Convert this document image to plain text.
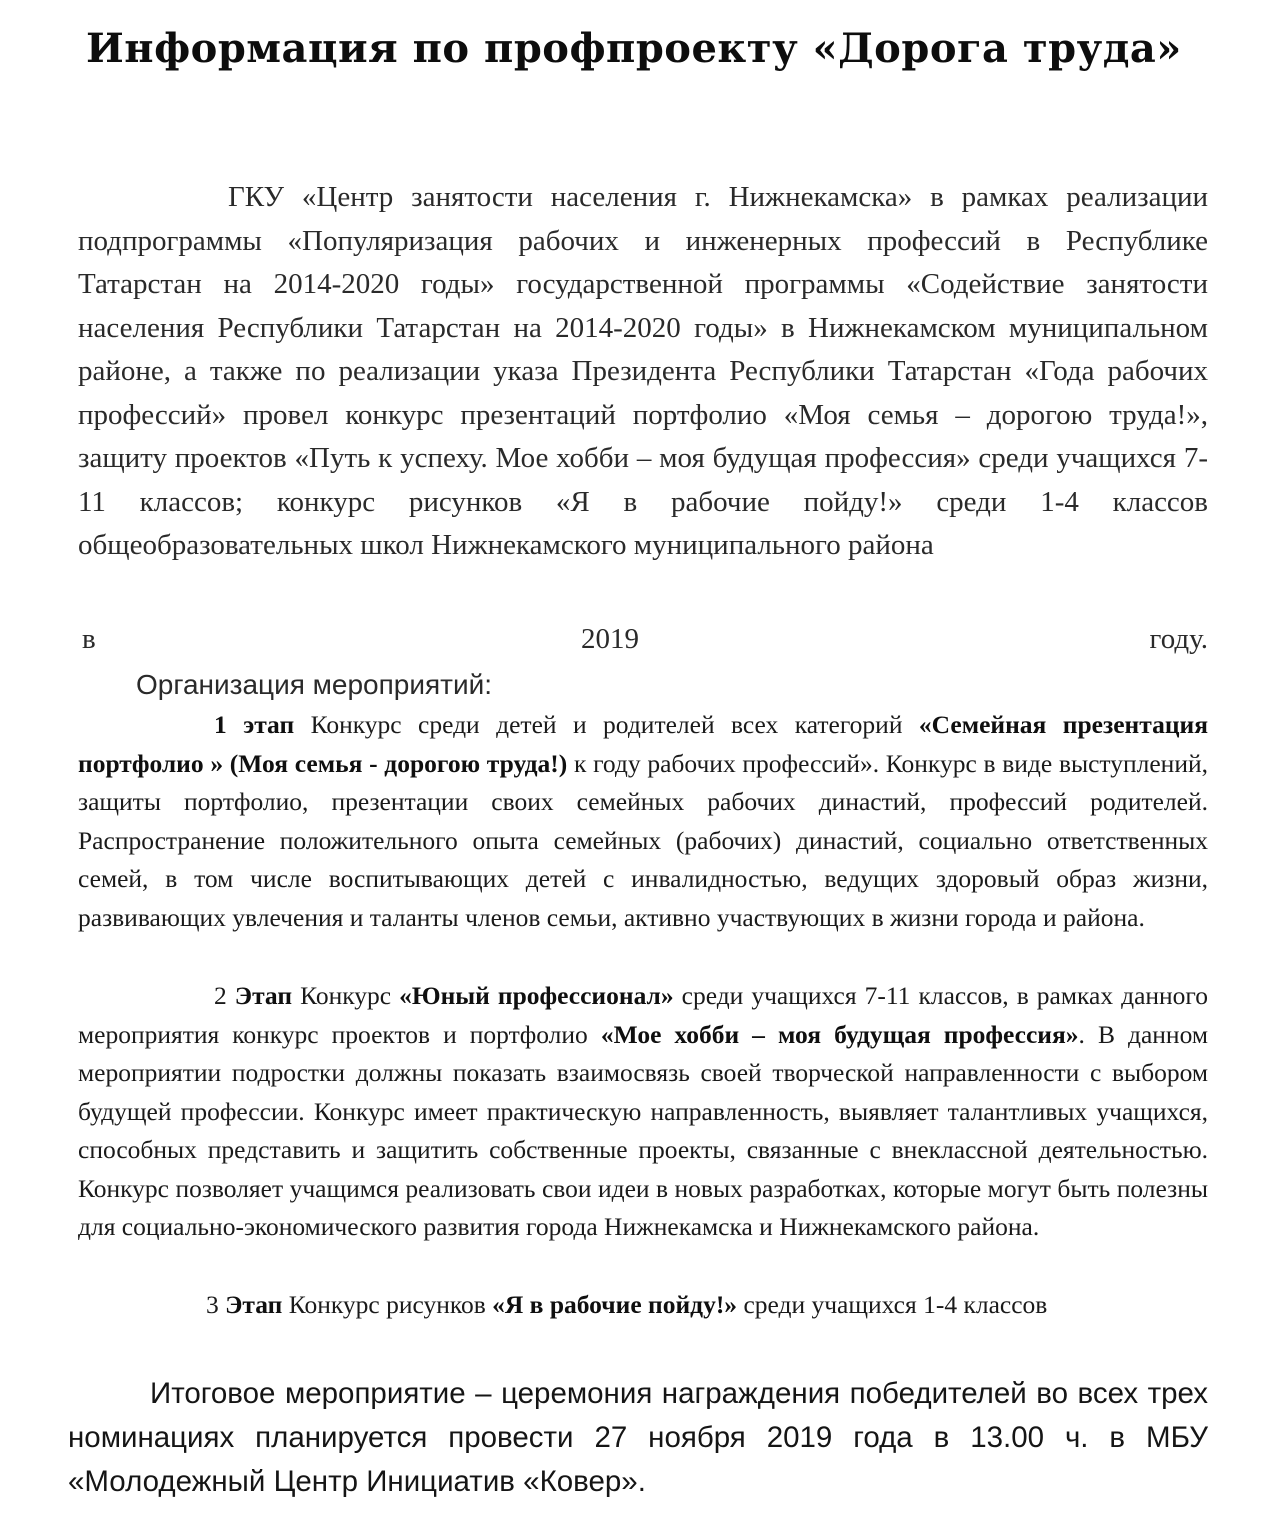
Информация по профпроекту «Дорога труда»

ГКУ «Центр занятости населения г. Нижнекамска» в рамках реализации подпрограммы «Популяризация рабочих и инженерных профессий в Республике Татарстан на 2014-2020 годы» государственной программы «Содействие занятости населения Республики Татарстан на 2014-2020 годы» в Нижнекамском муниципальном районе, а также по реализации указа Президента Республики Татарстан «Года рабочих профессий» провел конкурс презентаций портфолио «Моя семья – дорогою труда!», защиту проектов «Путь к успеху. Мое хобби – моя будущая профессия» среди учащихся 7-11 классов; конкурс рисунков «Я в рабочие пойду!» среди 1-4 классов общеобразовательных школ Нижнекамского муниципального района

в	2019	году.
Организация мероприятий:

1 этап Конкурс среди детей и родителей всех категорий «Семейная презентация портфолио » (Моя семья - дорогою труда!) к году рабочих профессий». Конкурс в виде выступлений, защиты портфолио, презентации своих семейных рабочих династий, профессий родителей. Распространение положительного опыта семейных (рабочих) династий, социально ответственных семей, в том числе воспитывающих детей с инвалидностью, ведущих здоровый образ жизни, развивающих увлечения и таланты членов семьи, активно участвующих в жизни города и района.

2 Этап Конкурс «Юный профессионал» среди учащихся 7-11 классов, в рамках данного мероприятия конкурс проектов и портфолио «Мое хобби – моя будущая профессия». В данном мероприятии подростки должны показать взаимосвязь своей творческой направленности с выбором будущей профессии. Конкурс имеет практическую направленность, выявляет талантливых учащихся, способных представить и защитить собственные проекты, связанные с внеклассной деятельностью. Конкурс позволяет учащимся реализовать свои идеи в новых разработках, которые могут быть полезны для социально-экономического развития города Нижнекамска и Нижнекамского района.

3 Этап Конкурс рисунков «Я в рабочие пойду!» среди учащихся 1-4 классов

Итоговое мероприятие – церемония награждения победителей во всех трех номинациях планируется провести 27 ноября 2019 года в 13.00 ч. в МБУ «Молодежный Центр Инициатив «Ковер».
